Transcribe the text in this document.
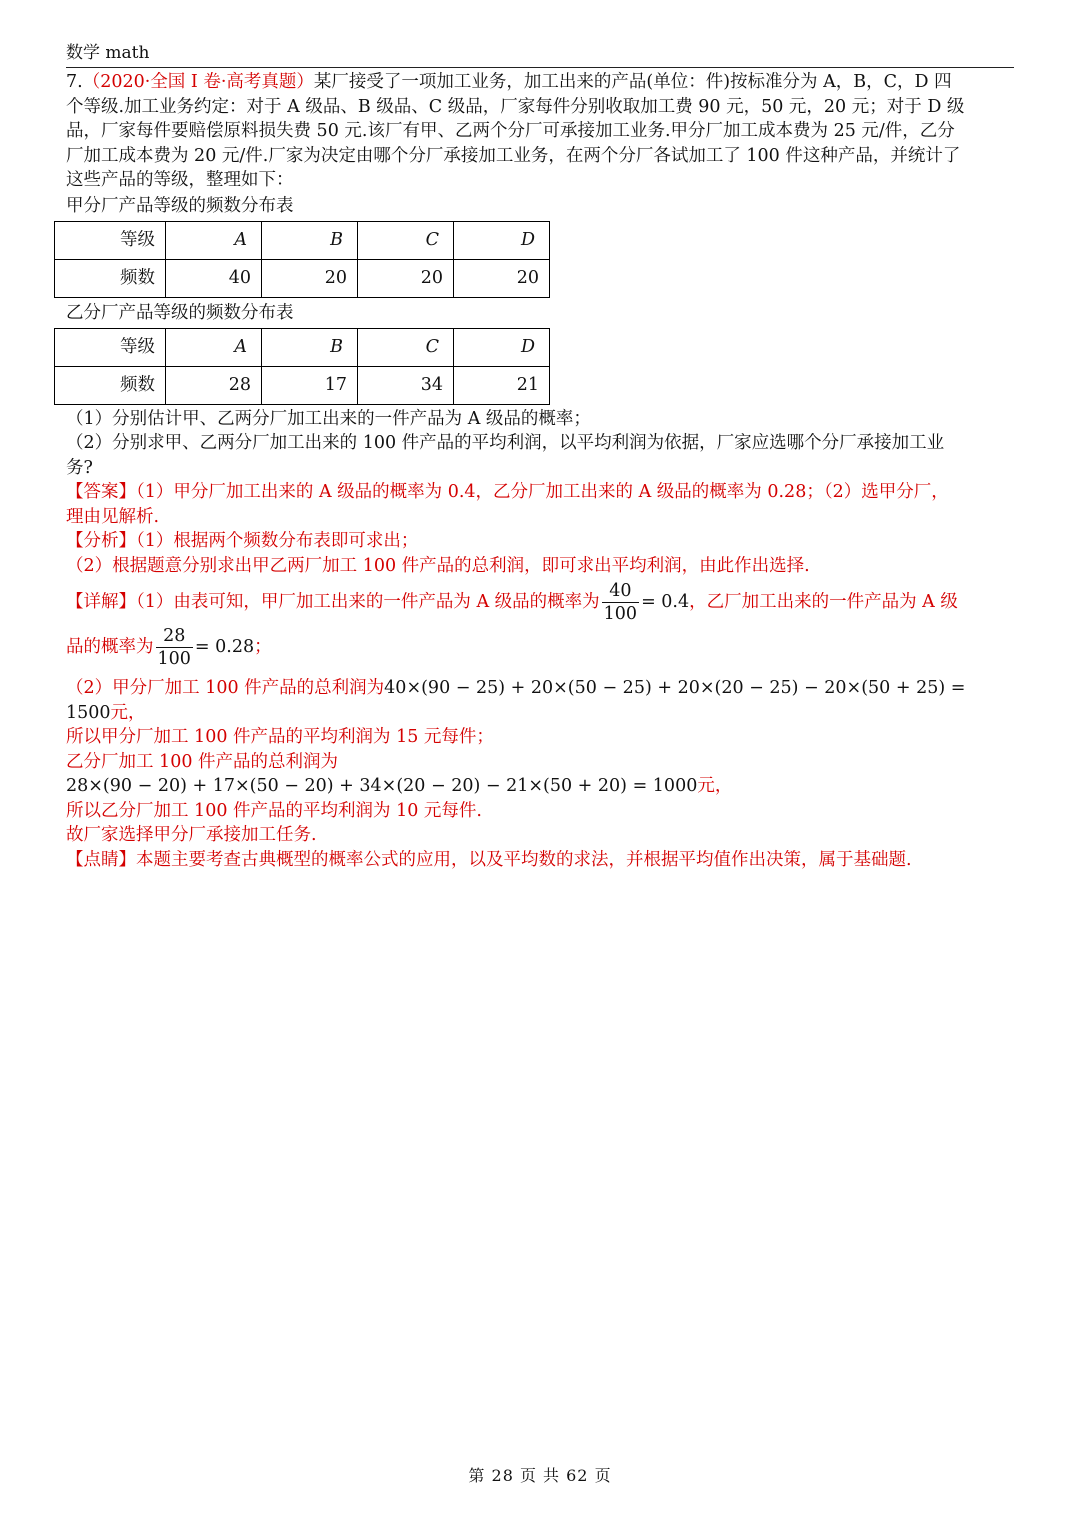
数学 math

7.（2020·全国 I 卷·高考真题）某厂接受了一项加工业务，加工出来的产品(单位：件)按标准分为 A，B，C，D 四

个等级.加工业务约定：对于 A 级品、B 级品、C 级品，厂家每件分别收取加工费 90 元，50 元，20 元；对于 D 级

品，厂家每件要赔偿原料损失费 50 元.该厂有甲、乙两个分厂可承接加工业务.甲分厂加工成本费为 25 元/件，乙分

厂加工成本费为 20 元/件.厂家为决定由哪个分厂承接加工业务，在两个分厂各试加工了 100 件这种产品，并统计了

这些产品的等级，整理如下：

甲分厂产品等级的频数分布表

等级	A	B	C	D
频数	40	20	20	20

乙分厂产品等级的频数分布表

等级	A	B	C	D
频数	28	17	34	21

（1）分别估计甲、乙两分厂加工出来的一件产品为 A 级品的概率；

（2）分别求甲、乙两分厂加工出来的 100 件产品的平均利润，以平均利润为依据，厂家应选哪个分厂承接加工业

务?

【答案】（1）甲分厂加工出来的 A 级品的概率为 0.4，乙分厂加工出来的 A 级品的概率为 0.28；（2）选甲分厂，

理由见解析.

【分析】（1）根据两个频数分布表即可求出；

（2）根据题意分别求出甲乙两厂加工 100 件产品的总利润，即可求出平均利润，由此作出选择.

【详解】（1）由表可知，甲厂加工出来的一件产品为 A 级品的概率为 $\frac{40}{100} = 0.4$，乙厂加工出来的一件产品为 A 级

品的概率为 $\frac{28}{100} = 0.28$；

（2）甲分厂加工 100 件产品的总利润为40×(90 − 25) + 20×(50 − 25) + 20×(20 − 25) − 20×(50 + 25) = 1500元，

所以甲分厂加工 100 件产品的平均利润为 15 元每件；

乙分厂加工 100 件产品的总利润为

28×(90 − 20) + 17×(50 − 20) + 34×(20 − 20) − 21×(50 + 20) = 1000元，

所以乙分厂加工 100 件产品的平均利润为 10 元每件.

故厂家选择甲分厂承接加工任务.

【点睛】本题主要考查古典概型的概率公式的应用，以及平均数的求法，并根据平均值作出决策，属于基础题.

第 28 页 共 62 页
